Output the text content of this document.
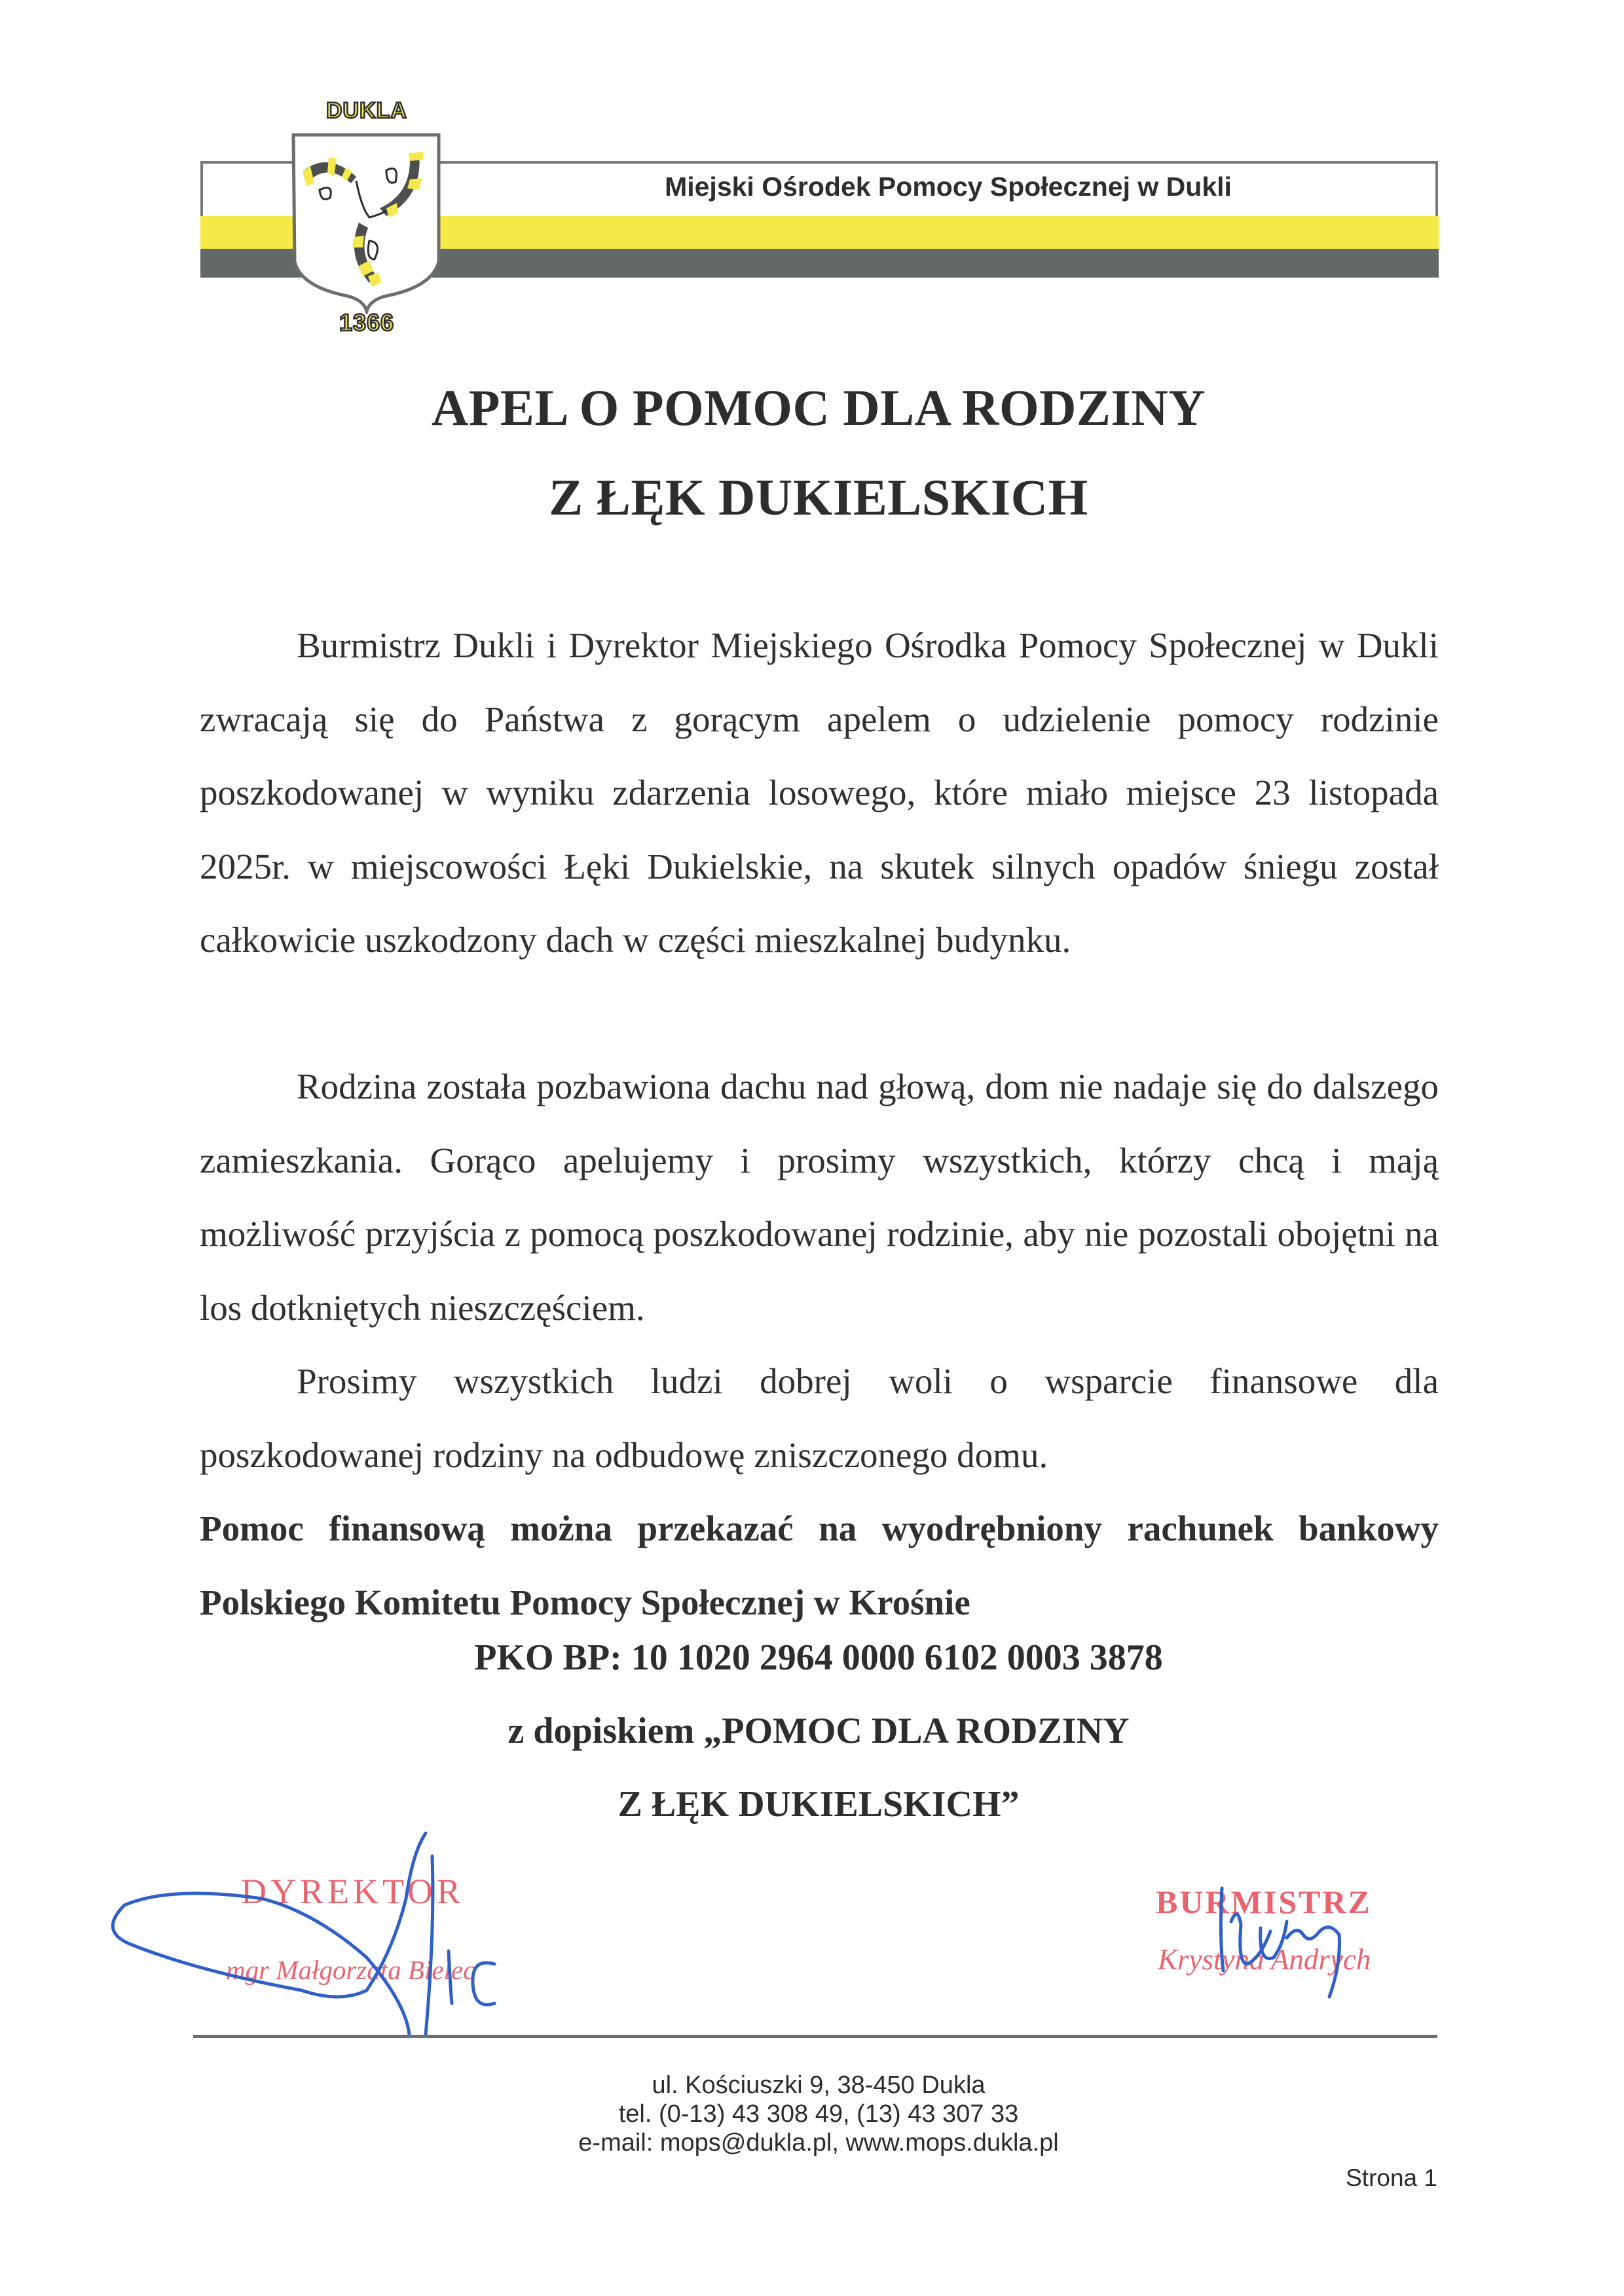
Miejski Ośrodek Pomocy Społecznej w Dukli
DUKLA
1366
APEL O POMOC DLA RODZINY
Z ŁĘK DUKIELSKICH

Burmistrz Dukli i Dyrektor Miejskiego Ośrodka Pomocy Społecznej w Dukli zwracają się do Państwa z gorącym apelem o udzielenie pomocy rodzinie poszkodowanej w wyniku zdarzenia losowego, które miało miejsce 23 listopada 2025r. w miejscowości Łęki Dukielskie, na skutek silnych opadów śniegu został całkowicie uszkodzony dach w części mieszkalnej budynku.

Rodzina została pozbawiona dachu nad głową, dom nie nadaje się do dalszego zamieszkania. Gorąco apelujemy i prosimy wszystkich, którzy chcą i mają możliwość przyjścia z pomocą poszkodowanej rodzinie, aby nie pozostali obojętni na los dotkniętych nieszczęściem.

Prosimy wszystkich ludzi dobrej woli o wsparcie finansowe dla poszkodowanej rodziny na odbudowę zniszczonego domu.

Pomoc finansową można przekazać na wyodrębniony rachunek bankowy Polskiego Komitetu Pomocy Społecznej w Krośnie

PKO BP: 10 1020 2964 0000 6102 0003 3878
z dopiskiem „POMOC DLA RODZINY
Z ŁĘK DUKIELSKICH”
DYREKTOR
mgr Małgorzata Bielec
BURMISTRZ
Krystyna Andrych
ul. Kościuszki 9, 38-450 Dukla
tel. (0-13) 43 308 49, (13) 43 307 33
e-mail: mops@dukla.pl, www.mops.dukla.pl
Strona 1
